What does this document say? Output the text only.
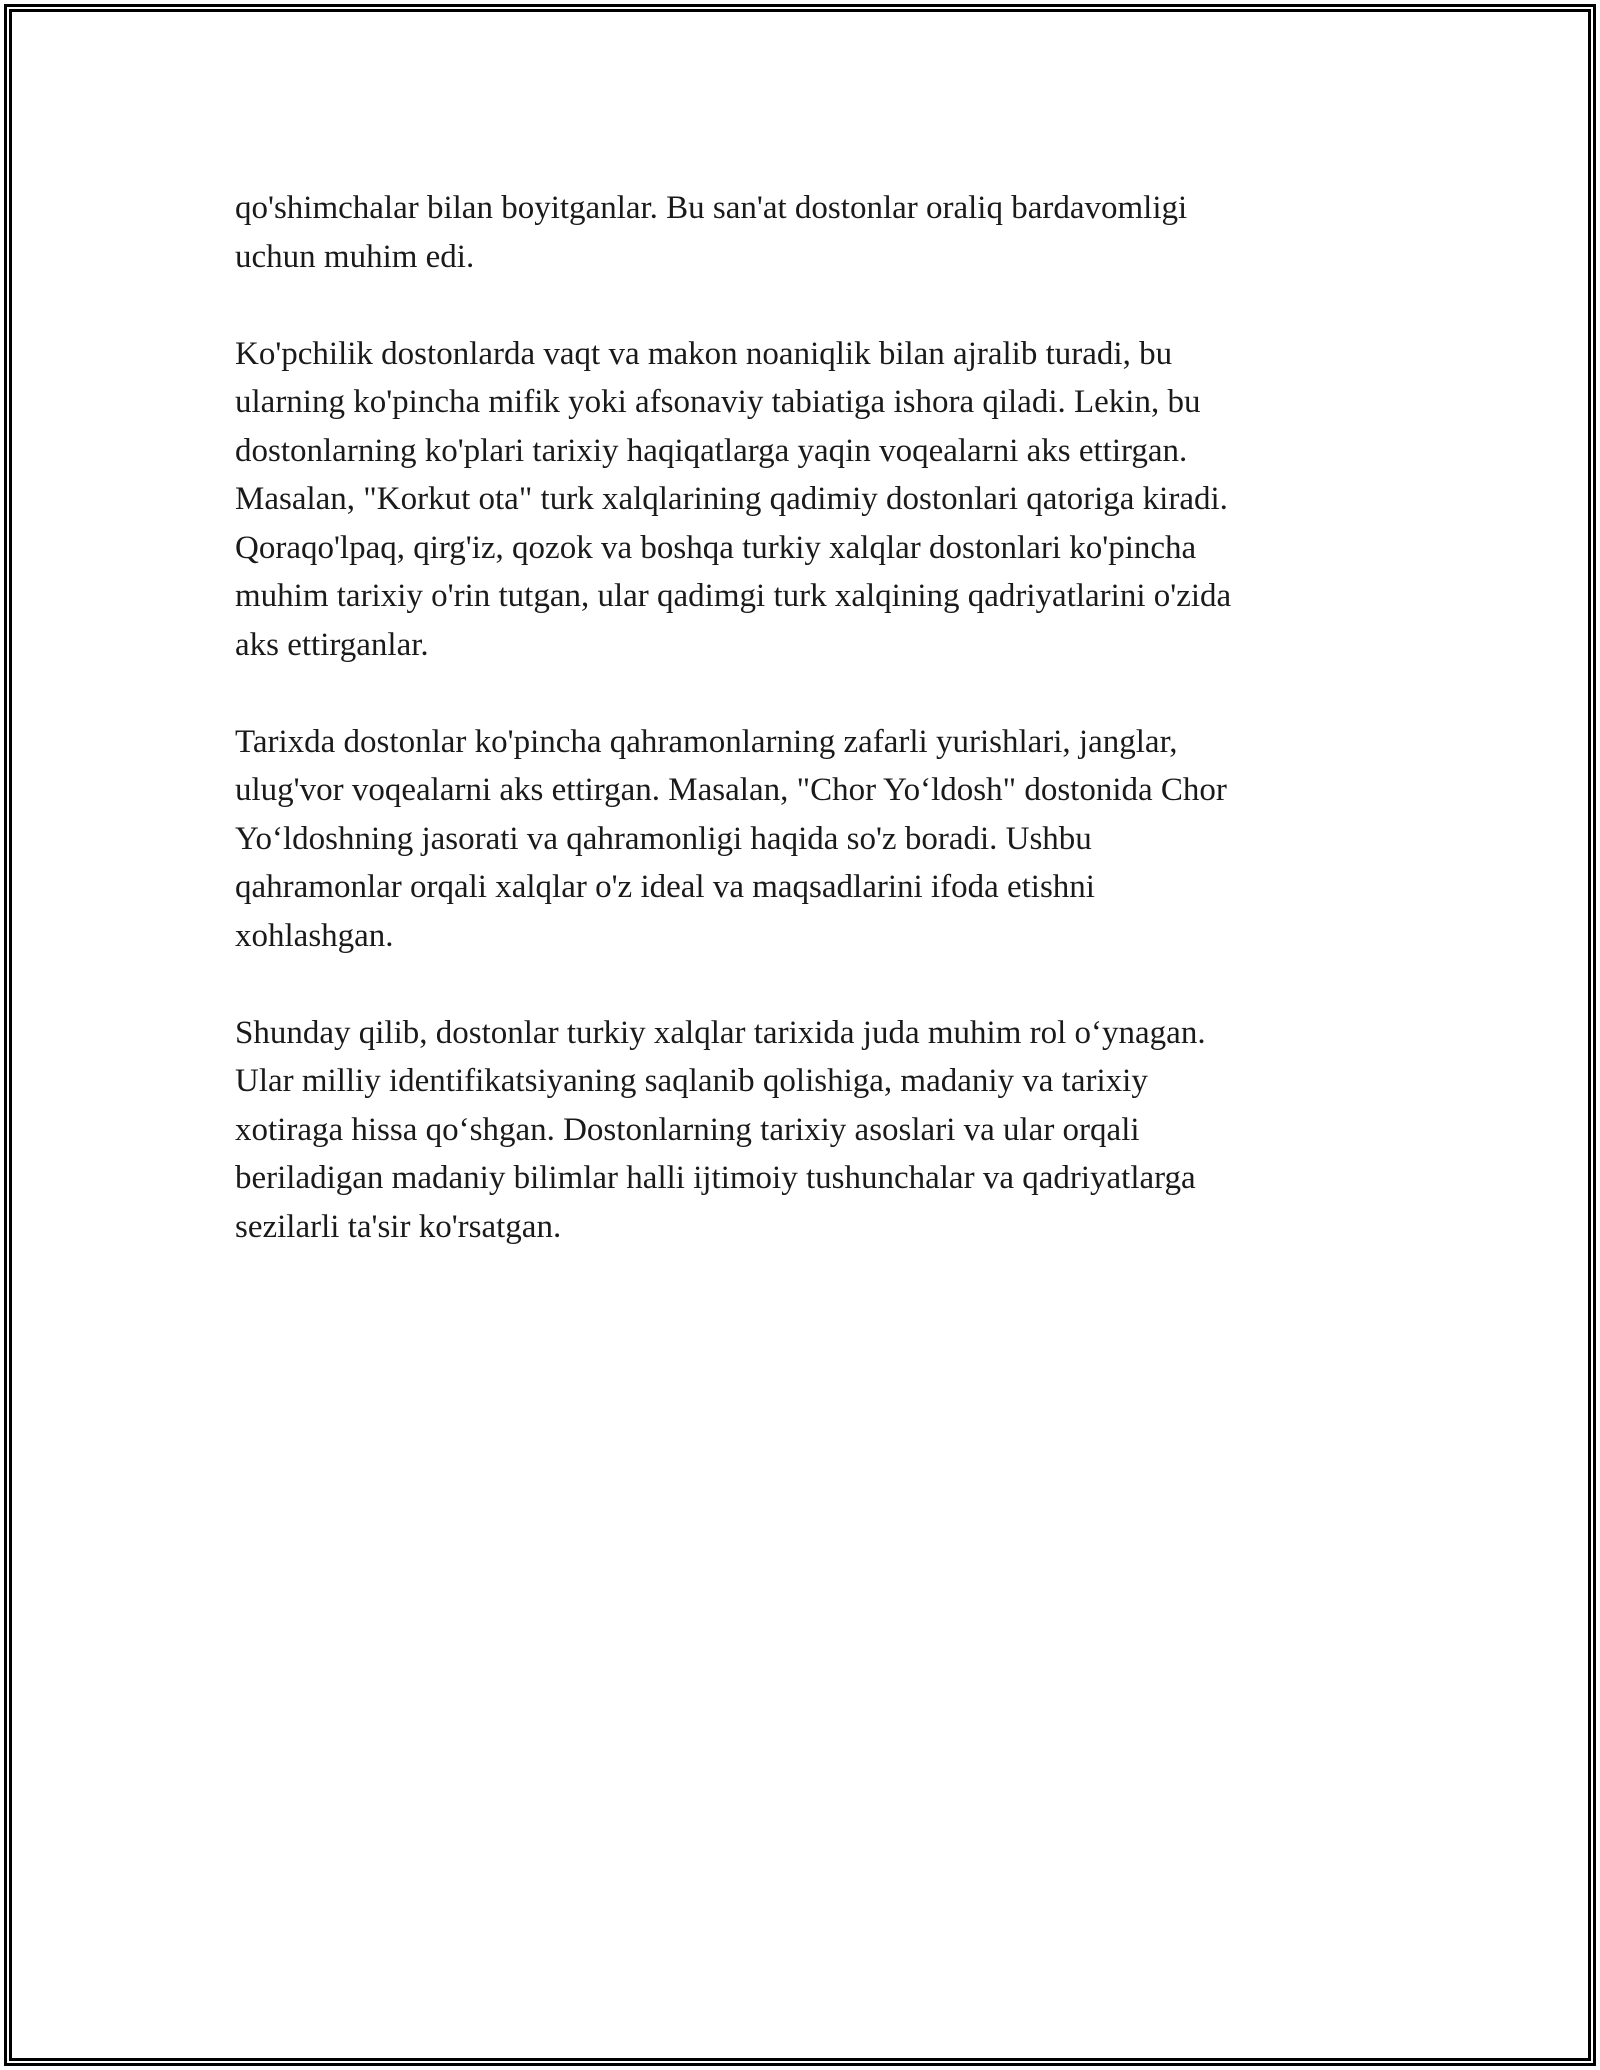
qo'shimchalar bilan boyitganlar. Bu san'at dostonlar oraliq bardavomligi
uchun muhim edi.

Ko'pchilik dostonlarda vaqt va makon noaniqlik bilan ajralib turadi, bu
ularning ko'pincha mifik yoki afsonaviy tabiatiga ishora qiladi. Lekin, bu
dostonlarning ko'plari tarixiy haqiqatlarga yaqin voqealarni aks ettirgan.
Masalan, "Korkut ota" turk xalqlarining qadimiy dostonlari qatoriga kiradi.
Qoraqo'lpaq, qirg'iz, qozok va boshqa turkiy xalqlar dostonlari ko'pincha
muhim tarixiy o'rin tutgan, ular qadimgi turk xalqining qadriyatlarini o'zida
aks ettirganlar.

Tarixda dostonlar ko'pincha qahramonlarning zafarli yurishlari, janglar,
ulug'vor voqealarni aks ettirgan. Masalan, "Chor Yo‘ldosh" dostonida Chor
Yo‘ldoshning jasorati va qahramonligi haqida so'z boradi. Ushbu
qahramonlar orqali xalqlar o'z ideal va maqsadlarini ifoda etishni
xohlashgan.

Shunday qilib, dostonlar turkiy xalqlar tarixida juda muhim rol o‘ynagan.
Ular milliy identifikatsiyaning saqlanib qolishiga, madaniy va tarixiy
xotiraga hissa qo‘shgan. Dostonlarning tarixiy asoslari va ular orqali
beriladigan madaniy bilimlar halli ijtimoiy tushunchalar va qadriyatlarga
sezilarli ta'sir ko'rsatgan.
